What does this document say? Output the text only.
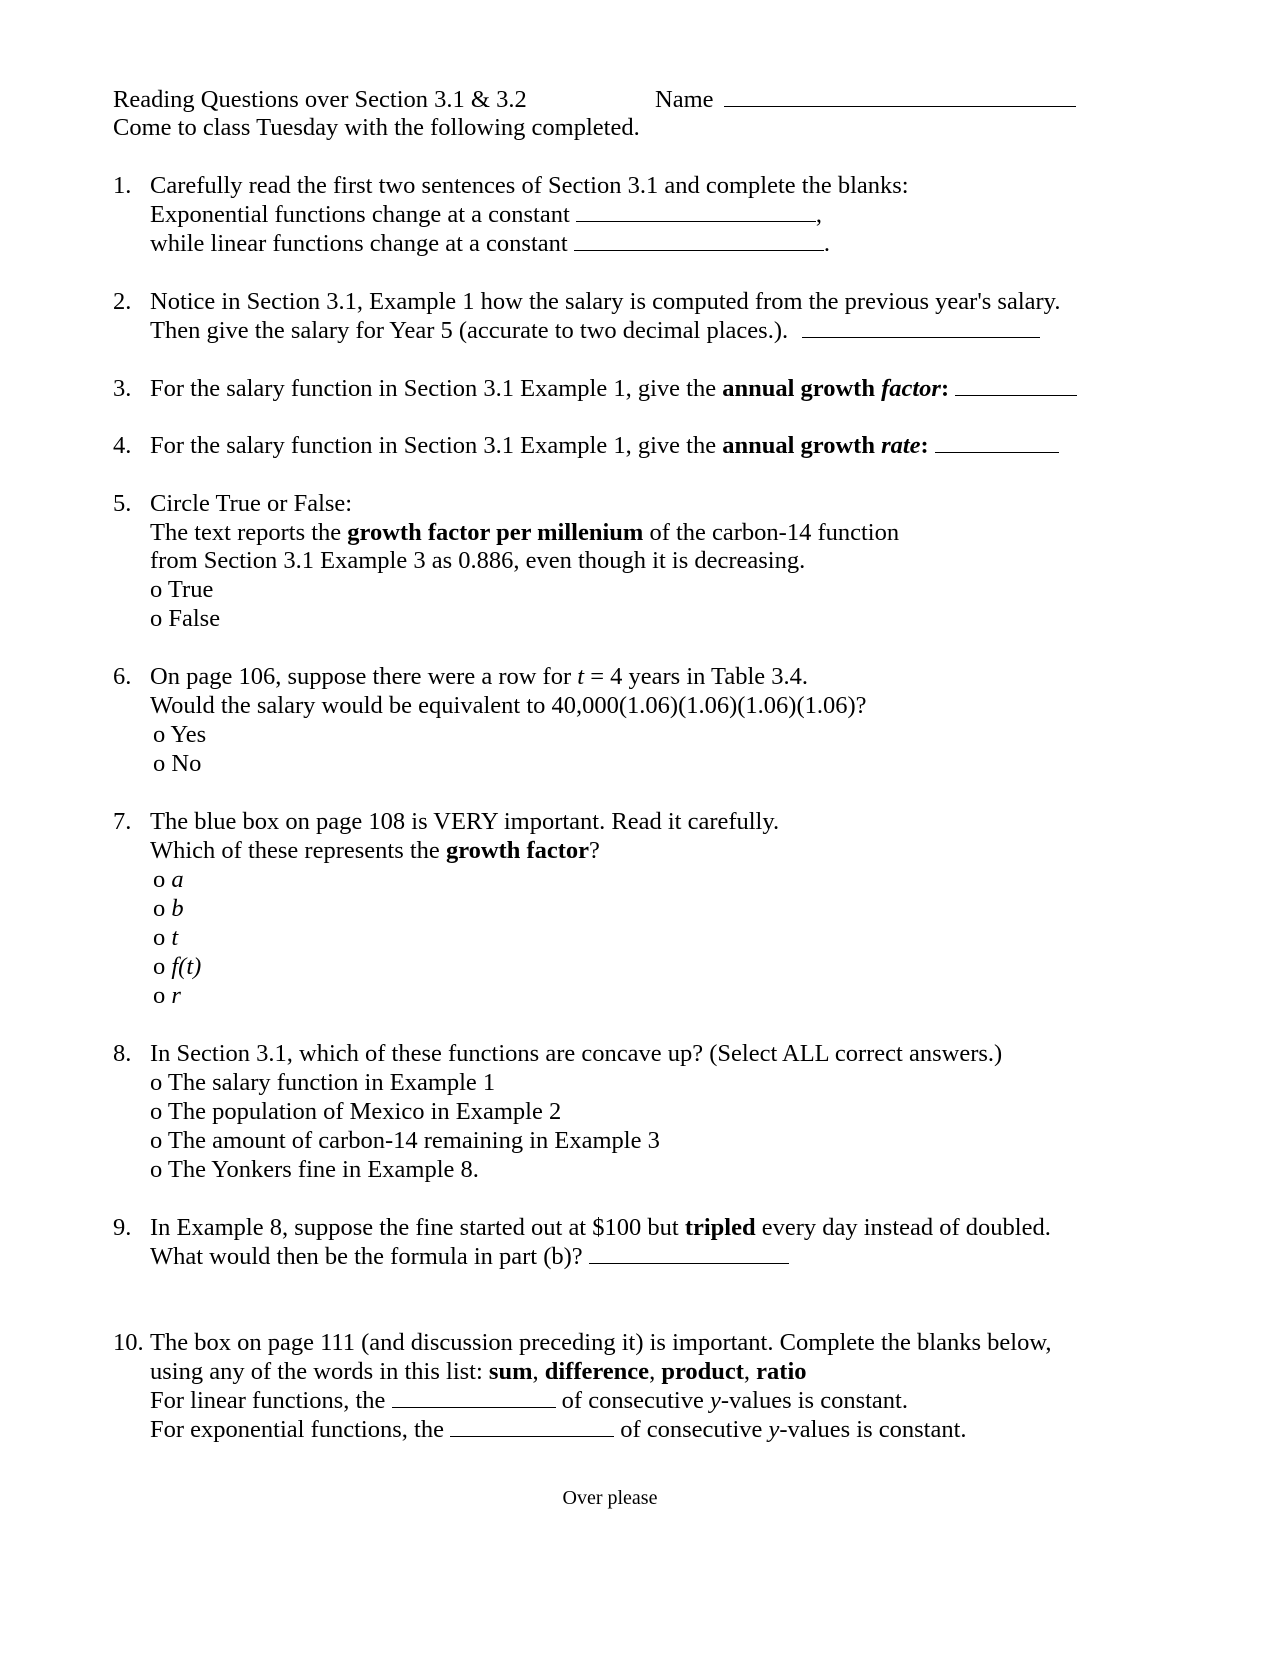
Reading Questions over Section 3.1 & 3.2	Name
Come to class Tuesday with the following completed.
1. Carefully read the first two sentences of Section 3.1 and complete the blanks:
Exponential functions change at a constant	,
while linear functions change at a constant	.
2. Notice in Section 3.1, Example 1 how the salary is computed from the previous year's salary.
Then give the salary for Year 5 (accurate to two decimal places.).
3. For the salary function in Section 3.1 Example 1, give the annual growth factor:
4. For the salary function in Section 3.1 Example 1, give the annual growth rate:
5. Circle True or False:
The text reports the growth factor per millenium of the carbon-14 function
from Section 3.1 Example 3 as 0.886, even though it is decreasing.
o True
o False
6. On page 106, suppose there were a row for t = 4 years in Table 3.4.
Would the salary would be equivalent to 40,000(1.06)(1.06)(1.06)(1.06)?
o Yes
o No
7. The blue box on page 108 is VERY important. Read it carefully.
Which of these represents the growth factor?
o a
o b
o t
o f(t)
o r
8. In Section 3.1, which of these functions are concave up? (Select ALL correct answers.)
o The salary function in Example 1
o The population of Mexico in Example 2
o The amount of carbon-14 remaining in Example 3
o The Yonkers fine in Example 8.
9. In Example 8, suppose the fine started out at $100 but tripled every day instead of doubled.
What would then be the formula in part (b)?
10. The box on page 111 (and discussion preceding it) is important. Complete the blanks below,
using any of the words in this list: sum, difference, product, ratio
For linear functions, the	of consecutive y-values is constant.
For exponential functions, the	of consecutive y-values is constant.
Over please
